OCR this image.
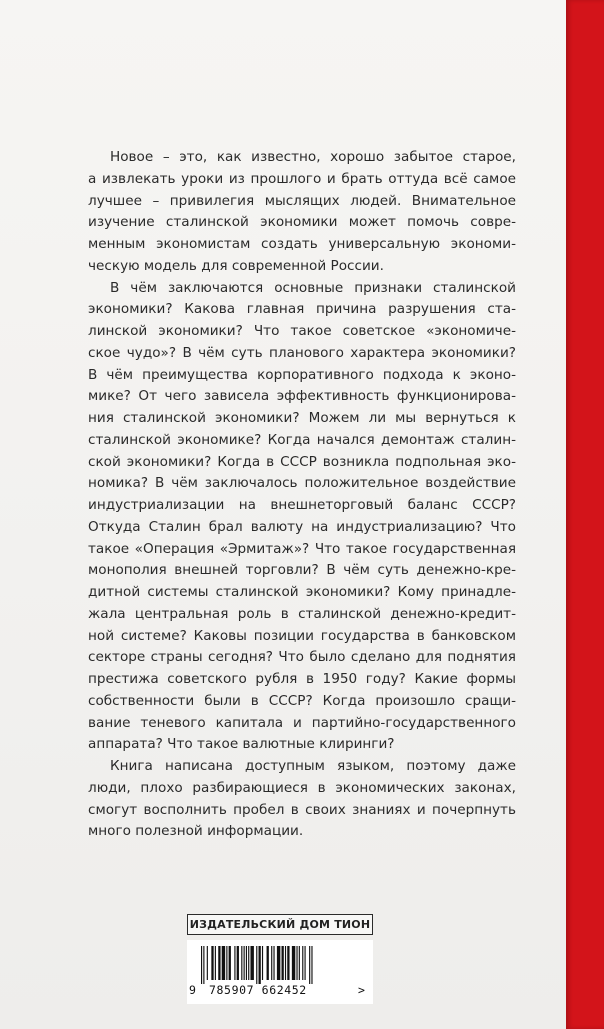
Новое – это, как известно, хорошо забытое старое,
а извлекать уроки из прошлого и брать оттуда всё самое
лучшее – привилегия мыслящих людей. Внимательное
изучение сталинской экономики может помочь совре-
менным экономистам создать универсальную экономи-
ческую модель для современной России.
В чём заключаются основные признаки сталинской
экономики? Какова главная причина разрушения ста-
линской экономики? Что такое советское «экономиче-
ское чудо»? В чём суть планового характера экономики?
В чём преимущества корпоративного подхода к эконо-
мике? От чего зависела эффективность функционирова-
ния сталинской экономики? Можем ли мы вернуться к
сталинской экономике? Когда начался демонтаж сталин-
ской экономики? Когда в СССР возникла подпольная эко-
номика? В чём заключалось положительное воздействие
индустриализации на внешнеторговый баланс СССР?
Откуда Сталин брал валюту на индустриализацию? Что
такое «Операция «Эрмитаж»? Что такое государственная
монополия внешней торговли? В чём суть денежно-кре-
дитной системы сталинской экономики? Кому принадле-
жала центральная роль в сталинской денежно-кредит-
ной системе? Каковы позиции государства в банковском
секторе страны сегодня? Что было сделано для поднятия
престижа советского рубля в 1950 году? Какие формы
собственности были в СССР? Когда произошло сращи-
вание теневого капитала и партийно-государственного
аппарата? Что такое валютные клиринги?
Книга написана доступным языком, поэтому даже
люди, плохо разбирающиеся в экономических законах,
смогут восполнить пробел в своих знаниях и почерпнуть
много полезной информации.
ИЗДАТЕЛЬСКИЙ ДОМ ТИОН
9 785907 662452	>
